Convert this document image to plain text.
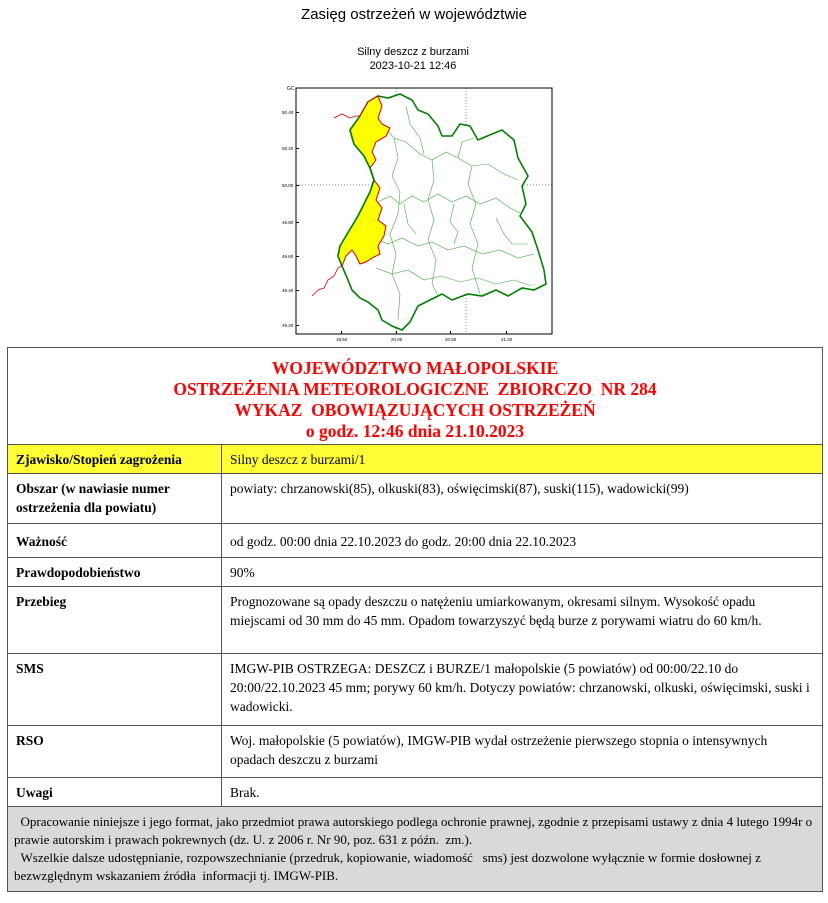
Zasięg ostrzeżeń w województwie
Silny deszcz z burzami
2023-10-21 12:46
GC
50.40
50.20
50.00
49.80
49.60
49.40
49.20
19.50	20.00	20.50	21.00
WOJEWÓDZTWO MAŁOPOLSKIE
OSTRZEŻENIA METEOROLOGICZNE  ZBIORCZO  NR 284
WYKAZ  OBOWIĄZUJĄCYCH OSTRZEŻEŃ
o godz. 12:46 dnia 21.10.2023	

Zjawisko/Stopień zagrożenia	Silny deszcz z burzami/1
Obszar (w nawiasie numer ostrzeżenia dla powiatu)	powiaty: chrzanowski(85), olkuski(83), oświęcimski(87), suski(115), wadowicki(99)
Ważność	od godz. 00:00 dnia 22.10.2023 do godz. 20:00 dnia 22.10.2023
Prawdopodobieństwo	90%
Przebieg	Prognozowane są opady deszczu o natężeniu umiarkowanym, okresami silnym. Wysokość opadu miejscami od 30 mm do 45 mm. Opadom towarzyszyć będą burze z porywami wiatru do 60 km/h.
SMS	IMGW-PIB OSTRZEGA: DESZCZ i BURZE/1 małopolskie (5 powiatów) od 00:00/22.10 do 20:00/22.10.2023 45 mm; porywy 60 km/h. Dotyczy powiatów: chrzanowski, olkuski, oświęcimski, suski i wadowicki.
RSO	Woj. małopolskie (5 powiatów), IMGW-PIB wydał ostrzeżenie pierwszego stopnia o intensywnych opadach deszczu z burzami
Uwagi	Brak.

Opracowanie niniejsze i jego format, jako przedmiot prawa autorskiego podlega ochronie prawnej, zgodnie z przepisami ustawy z dnia 4 lutego 1994r o prawie autorskim i prawach pokrewnych (dz. U. z 2006 r. Nr 90, poz. 631 z późn.  zm.).

Wszelkie dalsze udostępnianie, rozpowszechnianie (przedruk, kopiowanie, wiadomość   sms) jest dozwolone wyłącznie w formie dosłownej z bezwzględnym wskazaniem źródła  informacji tj. IMGW-PIB.	
